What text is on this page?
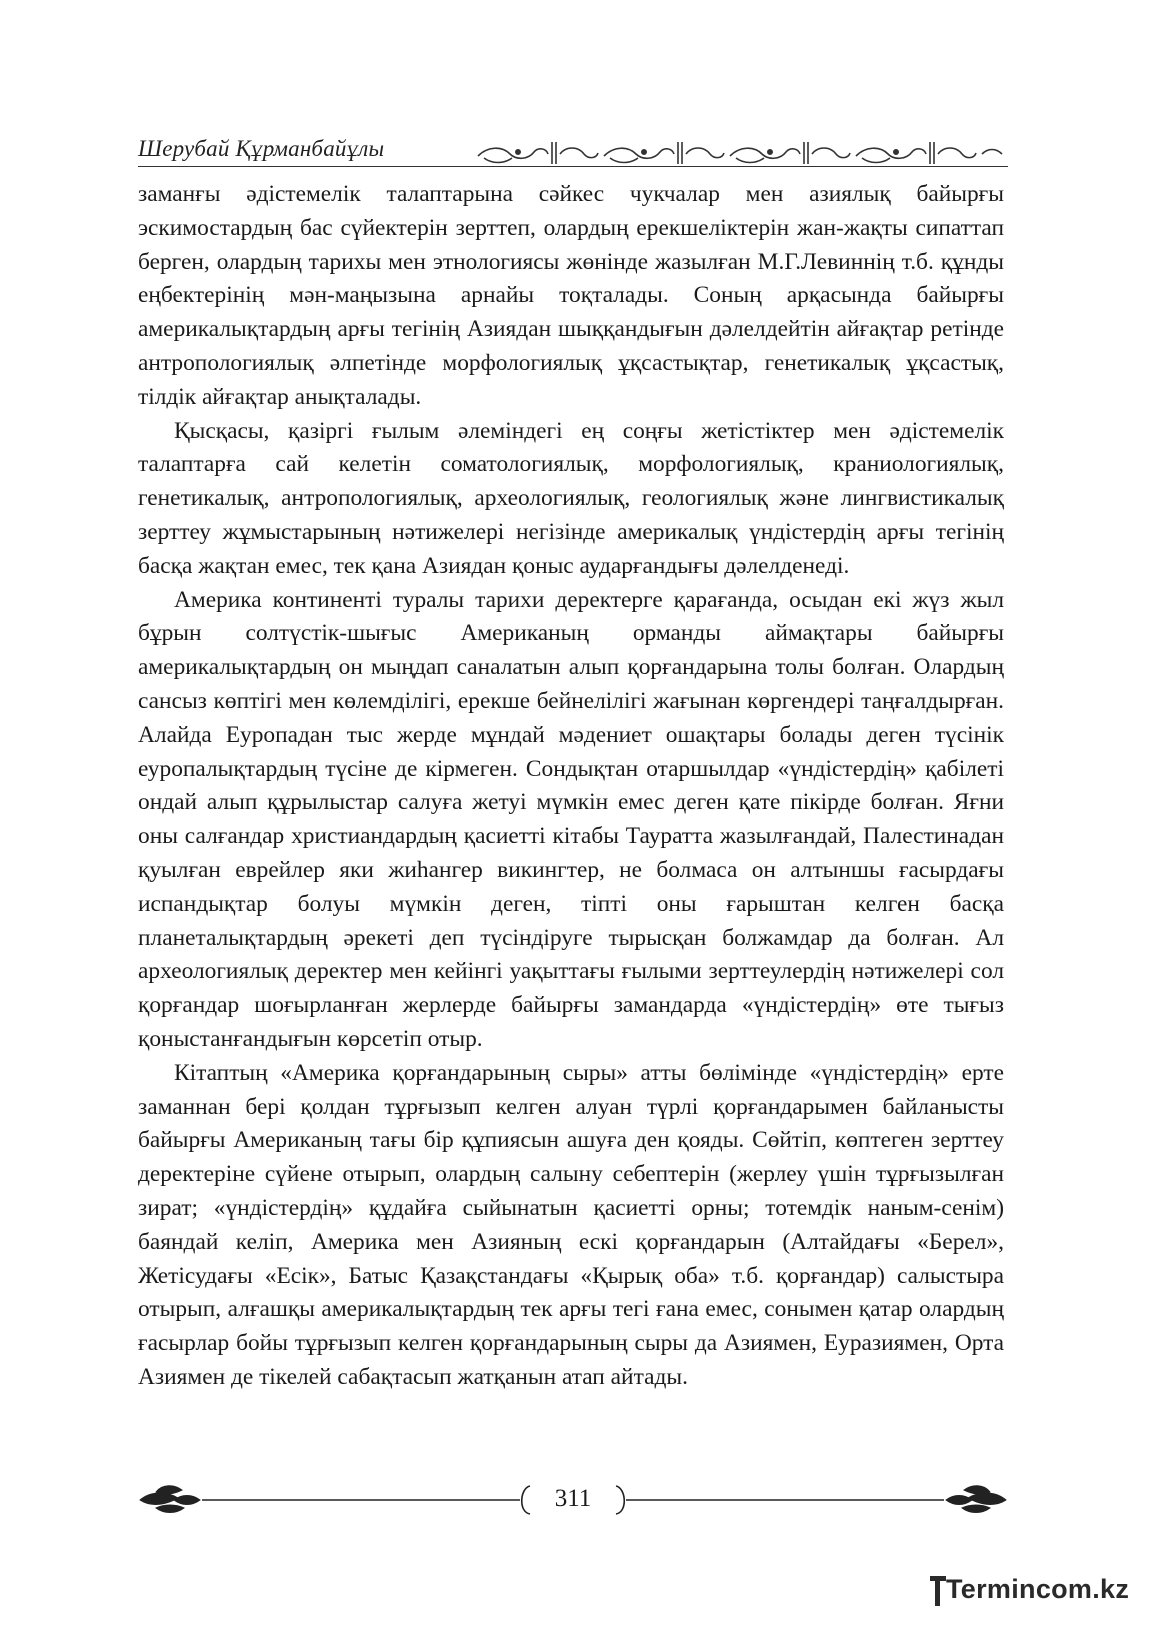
Шерубай Құрманбайұлы

заманғы әдістемелік талаптарына сәйкес чукчалар мен азиялық байырғы эскимостардың бас сүйектерін зерттеп, олардың ерекшеліктерін жан-жақты сипаттап берген, олардың тарихы мен этнологиясы жөнінде жазылған М.Г.Левиннің т.б. құнды еңбектерінің мән-маңызына арнайы тоқталады. Соның арқасында байырғы америкалықтардың арғы тегінің Азиядан шыққандығын дәлелдейтін айғақтар ретінде антропологиялық әлпетінде морфологиялық ұқсастықтар, генетикалық ұқсастық, тілдік айғақтар анықталады.

Қысқасы, қазіргі ғылым әлеміндегі ең соңғы жетістіктер мен әдістемелік талаптарға сай келетін соматологиялық, морфологиялық, краниологиялық, генетикалық, антропологиялық, археологиялық, геологиялық және лингвистикалық зерттеу жұмыстарының нәтижелері негізінде америкалық үндістердің арғы тегінің басқа жақтан емес, тек қана Азиядан қоныс аударғандығы дәлелденеді.

Америка континенті туралы тарихи деректерге қарағанда, осыдан екі жүз жыл бұрын солтүстік-шығыс Американың орманды аймақтары байырғы америкалықтардың он мыңдап саналатын алып қорғандарына толы болған. Олардың сансыз көптігі мен көлемділігі, ерекше бейнелілігі жағынан көргендері таңғалдырған. Алайда Еуропадан тыс жерде мұндай мәдениет ошақтары болады деген түсінік еуропалықтардың түсіне де кірмеген. Сондықтан отаршылдар «үндістердің» қабілеті ондай алып құрылыстар салуға жетуі мүмкін емес деген қате пікірде болған. Яғни оны салғандар христиандардың қасиетті кітабы Тауратта жазылғандай, Палестинадан қуылған еврейлер яки жиһангер викингтер, не болмаса он алтыншы ғасырдағы испандықтар болуы мүмкін деген, тіпті оны ғарыштан келген басқа планеталықтардың әрекеті деп түсіндіруге тырысқан болжамдар да болған. Ал археологиялық деректер мен кейінгі уақыттағы ғылыми зерттеулердің нәтижелері сол қорғандар шоғырланған жерлерде байырғы замандарда «үндістердің» өте тығыз қоныстанғандығын көрсетіп отыр.

Кітаптың «Америка қорғандарының сыры» атты бөлімінде «үндістердің» ерте заманнан бері қолдан тұрғызып келген алуан түрлі қорғандарымен байланысты байырғы Американың тағы бір құпиясын ашуға ден қояды. Сөйтіп, көптеген зерттеу деректеріне сүйене отырып, олардың салыну себептерін (жерлеу үшін тұрғызылған зират; «үндістердің» құдайға сыйынатын қасиетті орны; тотемдік наным-сенім) баяндай келіп, Америка мен Азияның ескі қорғандарын (Алтайдағы «Берел», Жетісудағы «Есік», Батыс Қазақстандағы «Қырық оба» т.б. қорғандар) салыстыра отырып, алғашқы америкалықтардың тек арғы тегі ғана емес, сонымен қатар олардың ғасырлар бойы тұрғызып келген қорғандарының сыры да Азиямен, Еуразиямен, Орта Азиямен де тікелей сабақтасып жатқанын атап айтады.

311
Termincom.kz
